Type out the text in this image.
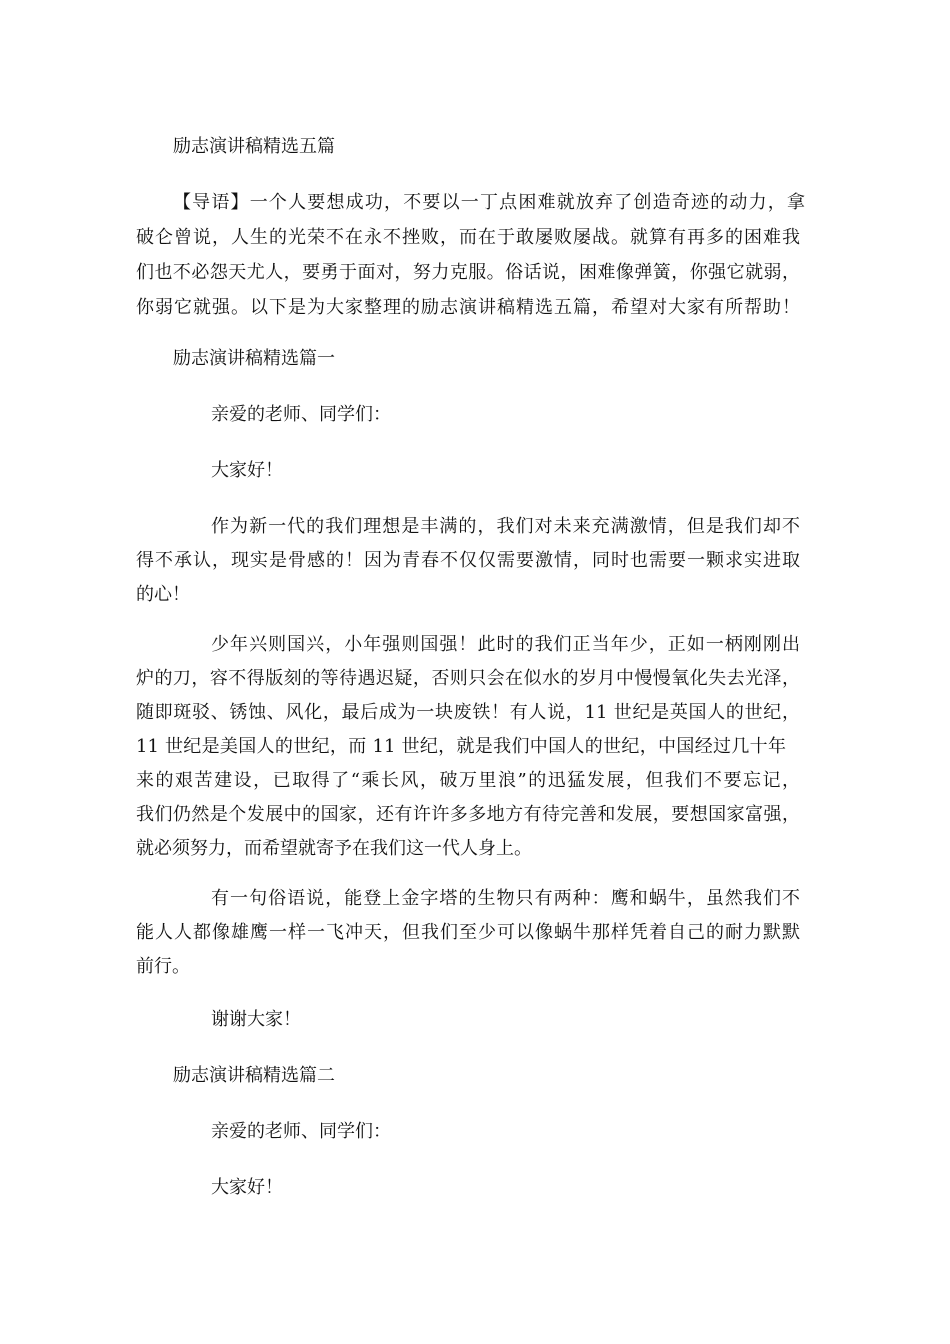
励志演讲稿精选五篇
【导语】一个人要想成功，不要以一丁点困难就放弃了创造奇迹的动力，拿
破仑曾说，人生的光荣不在永不挫败，而在于敢屡败屡战。就算有再多的困难我
们也不必怨天尤人，要勇于面对，努力克服。俗话说，困难像弹簧，你强它就弱，
你弱它就强。以下是为大家整理的励志演讲稿精选五篇，希望对大家有所帮助！
励志演讲稿精选篇一
亲爱的老师、同学们：
大家好！
作为新一代的我们理想是丰满的，我们对未来充满激情，但是我们却不
得不承认，现实是骨感的！因为青春不仅仅需要激情，同时也需要一颗求实进取
的心！
少年兴则国兴，小年强则国强！此时的我们正当年少，正如一柄刚刚出
炉的刀，容不得版刻的等待遇迟疑，否则只会在似水的岁月中慢慢氧化失去光泽，
随即斑驳、锈蚀、风化，最后成为一块废铁！有人说，11 世纪是英国人的世纪，
11 世纪是美国人的世纪，而 11 世纪，就是我们中国人的世纪，中国经过几十年
来的艰苦建设，已取得了“乘长风，破万里浪”的迅猛发展，但我们不要忘记，
我们仍然是个发展中的国家，还有许许多多地方有待完善和发展，要想国家富强，
就必须努力，而希望就寄予在我们这一代人身上。
有一句俗语说，能登上金字塔的生物只有两种：鹰和蜗牛，虽然我们不
能人人都像雄鹰一样一飞冲天，但我们至少可以像蜗牛那样凭着自己的耐力默默
前行。
谢谢大家！
励志演讲稿精选篇二
亲爱的老师、同学们：
大家好！
